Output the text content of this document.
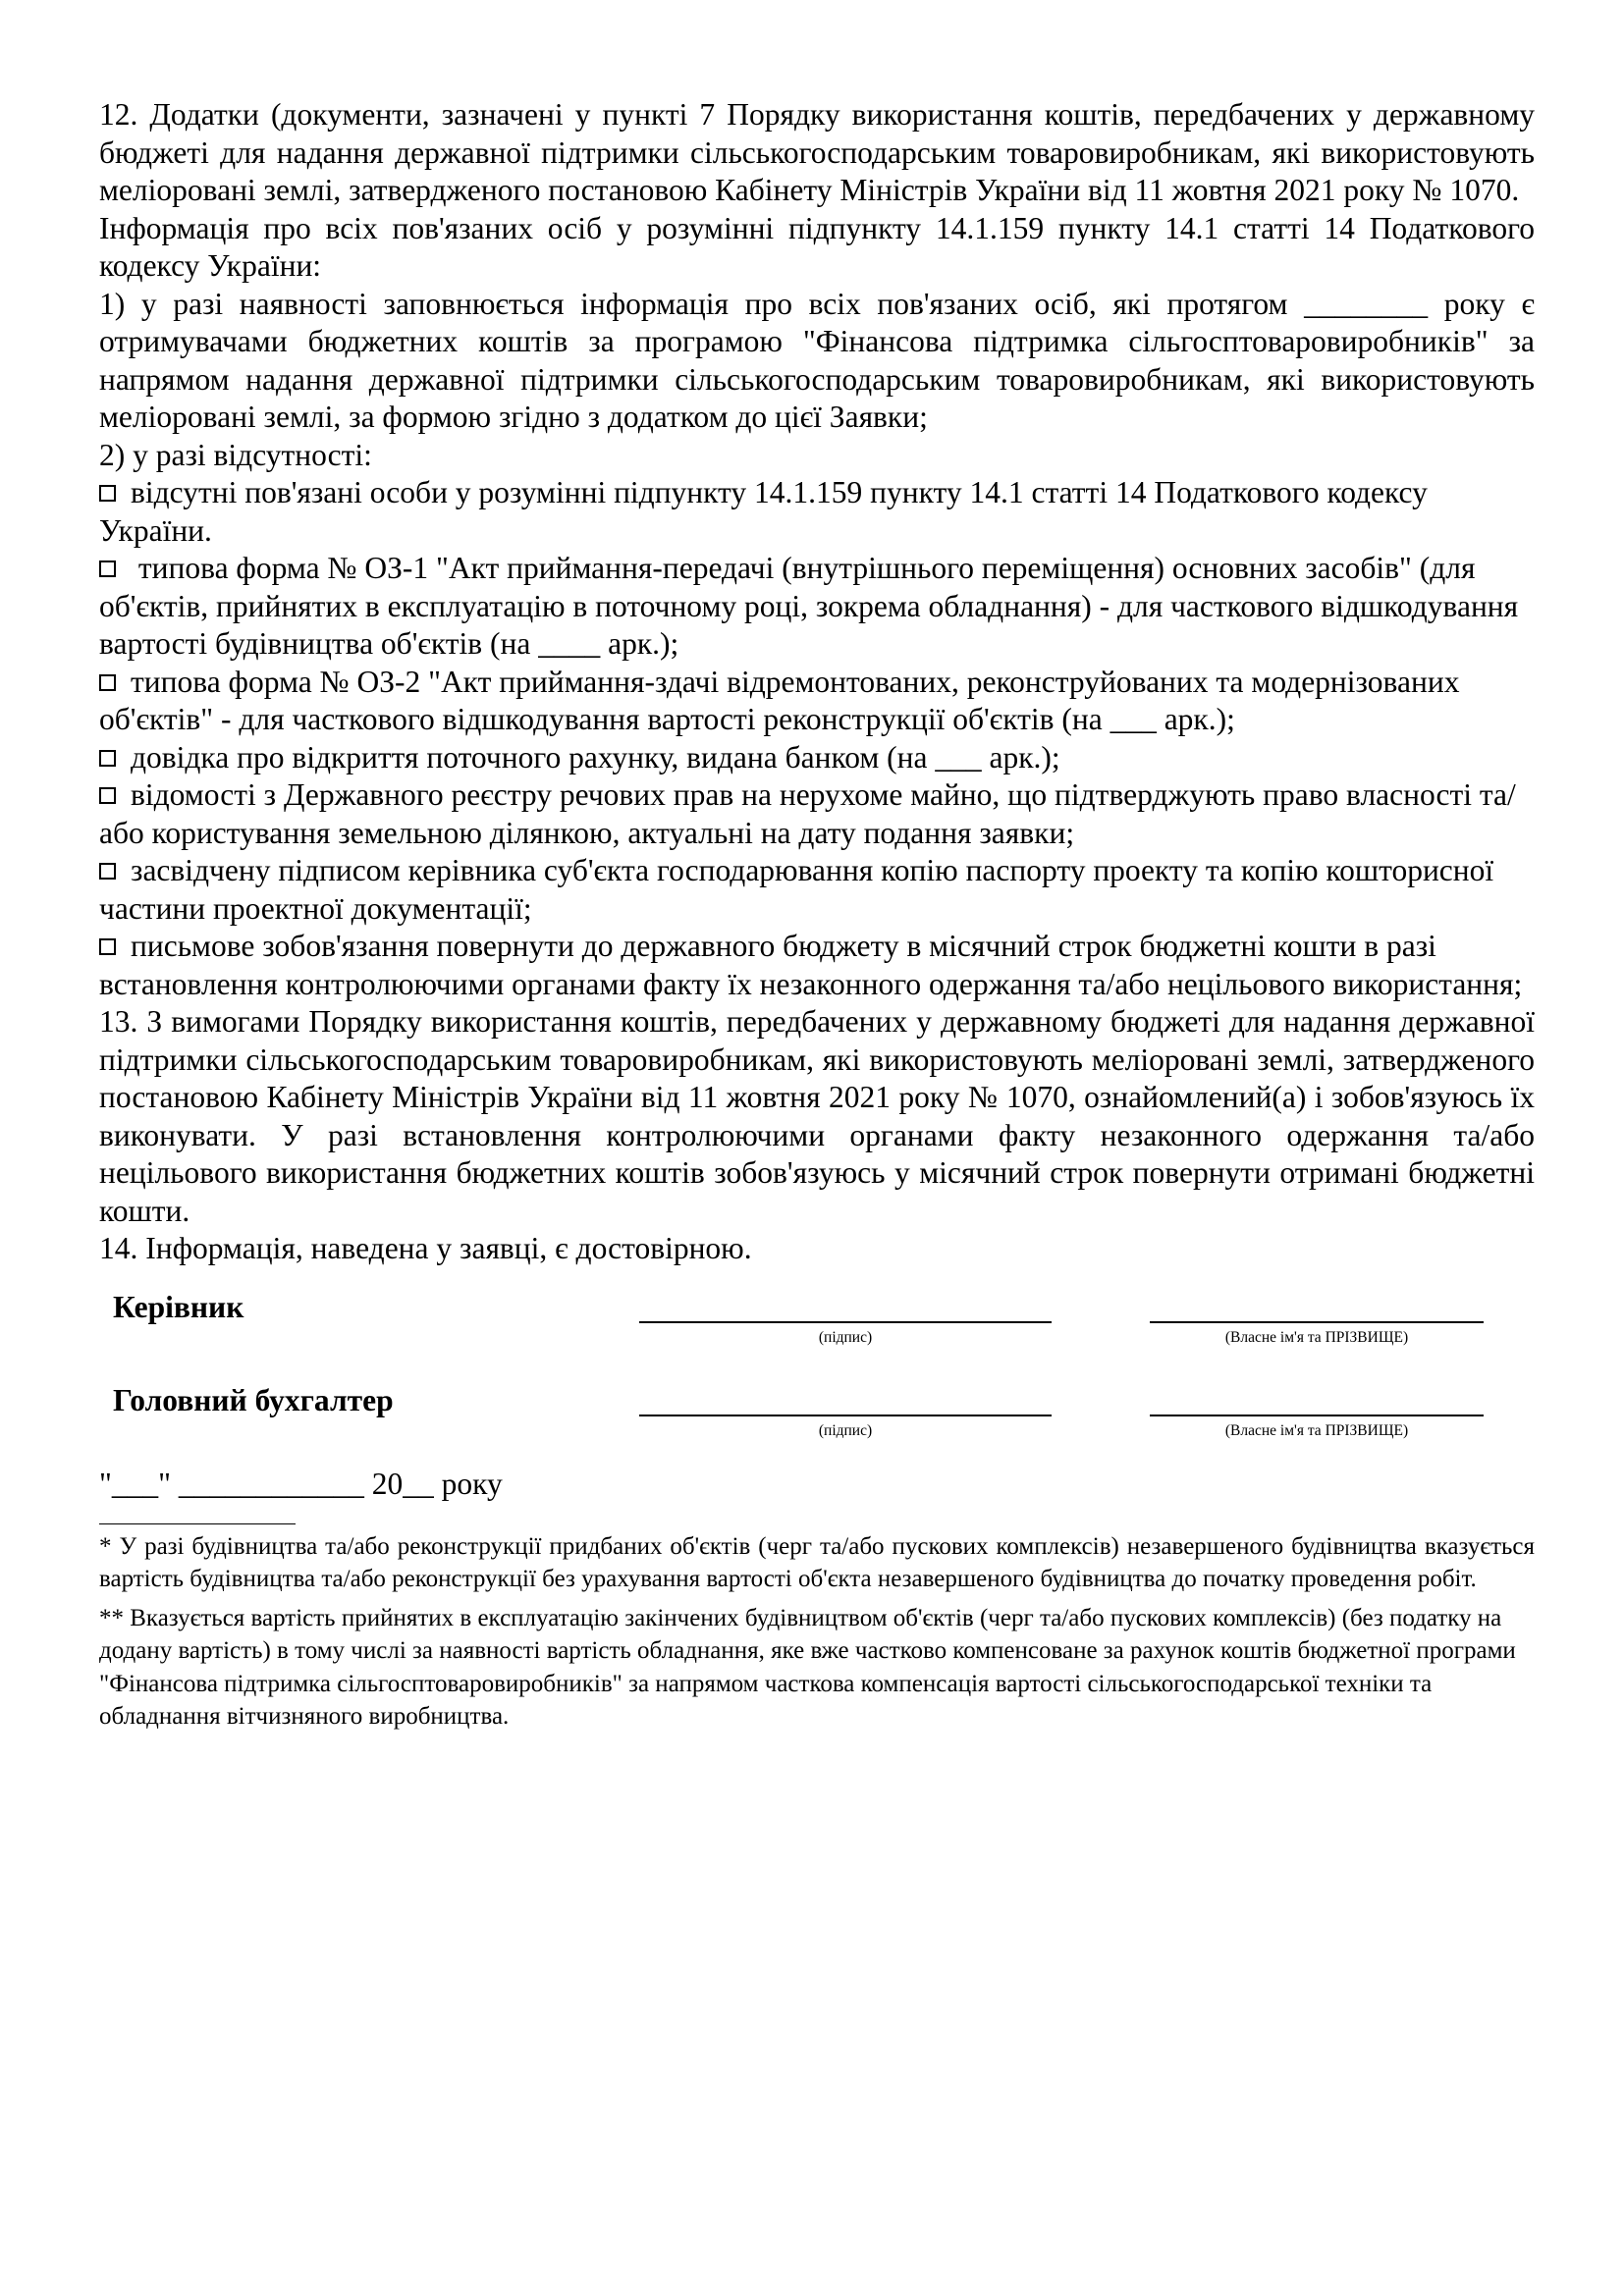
12. Додатки (документи, зазначені у пункті 7 Порядку використання коштів, передбачених у державному бюджеті для надання державної підтримки сільськогосподарським товаровиробникам, які використовують меліоровані землі, затвердженого постановою Кабінету Міністрів України від 11 жовтня 2021 року № 1070.

Інформація про всіх пов'язаних осіб у розумінні підпункту 14.1.159 пункту 14.1 статті 14 Податкового кодексу України:

1) у разі наявності заповнюється інформація про всіх пов'язаних осіб, які протягом ________ року є отримувачами бюджетних коштів за програмою "Фінансова підтримка сільгосптоваровиробників" за напрямом надання державної підтримки сільськогосподарським товаровиробникам, які використовують меліоровані землі, за формою згідно з додатком до цієї Заявки;

2) у разі відсутності:

відсутні пов'язані особи у розумінні підпункту 14.1.159 пункту 14.1 статті 14 Податкового кодексу України.

типова форма № ОЗ-1 "Акт приймання-передачі (внутрішнього переміщення) основних засобів" (для об'єктів, прийнятих в експлуатацію в поточному році, зокрема обладнання) - для часткового відшкодування вартості будівництва об'єктів (на ____ арк.);

типова форма № ОЗ-2 "Акт приймання-здачі відремонтованих, реконструйованих та модернізованих об'єктів" - для часткового відшкодування вартості реконструкції об'єктів (на ___ арк.);

довідка про відкриття поточного рахунку, видана банком (на ___ арк.);

відомості з Державного реєстру речових прав на нерухоме майно, що підтверджують право власності та/або користування земельною ділянкою, актуальні на дату подання заявки;

засвідчену підписом керівника суб'єкта господарювання копію паспорту проекту та копію кошторисної частини проектної документації;

письмове зобов'язання повернути до державного бюджету в місячний строк бюджетні кошти в разі встановлення контролюючими органами факту їх незаконного одержання та/або нецільового використання;

13. З вимогами Порядку використання коштів, передбачених у державному бюджеті для надання державної підтримки сільськогосподарським товаровиробникам, які використовують меліоровані землі, затвердженого постановою Кабінету Міністрів України від 11 жовтня 2021 року № 1070, ознайомлений(а) і зобов'язуюсь їх виконувати. У разі встановлення контролюючими органами факту незаконного одержання та/або нецільового використання бюджетних коштів зобов'язуюсь у місячний строк повернути отримані бюджетні кошти.

14. Інформація, наведена у заявці, є достовірною.

Керівник
(підпис)	(Власне ім'я та ПРІЗВИЩЕ)
Головний бухгалтер
(підпис)	(Власне ім'я та ПРІЗВИЩЕ)

"___" ____________ 20__ року

* У разі будівництва та/або реконструкції придбаних об'єктів (черг та/або пускових комплексів) незавершеного будівництва вказується вартість будівництва та/або реконструкції без урахування вартості об'єкта незавершеного будівництва до початку проведення робіт.

** Вказується вартість прийнятих в експлуатацію закінчених будівництвом об'єктів (черг та/або пускових комплексів) (без податку на додану вартість) в тому числі за наявності вартість обладнання, яке вже частково компенсоване за рахунок коштів бюджетної програми "Фінансова підтримка сільгосптоваровиробників" за напрямом часткова компенсація вартості сільськогосподарської техніки та обладнання вітчизняного виробництва.
